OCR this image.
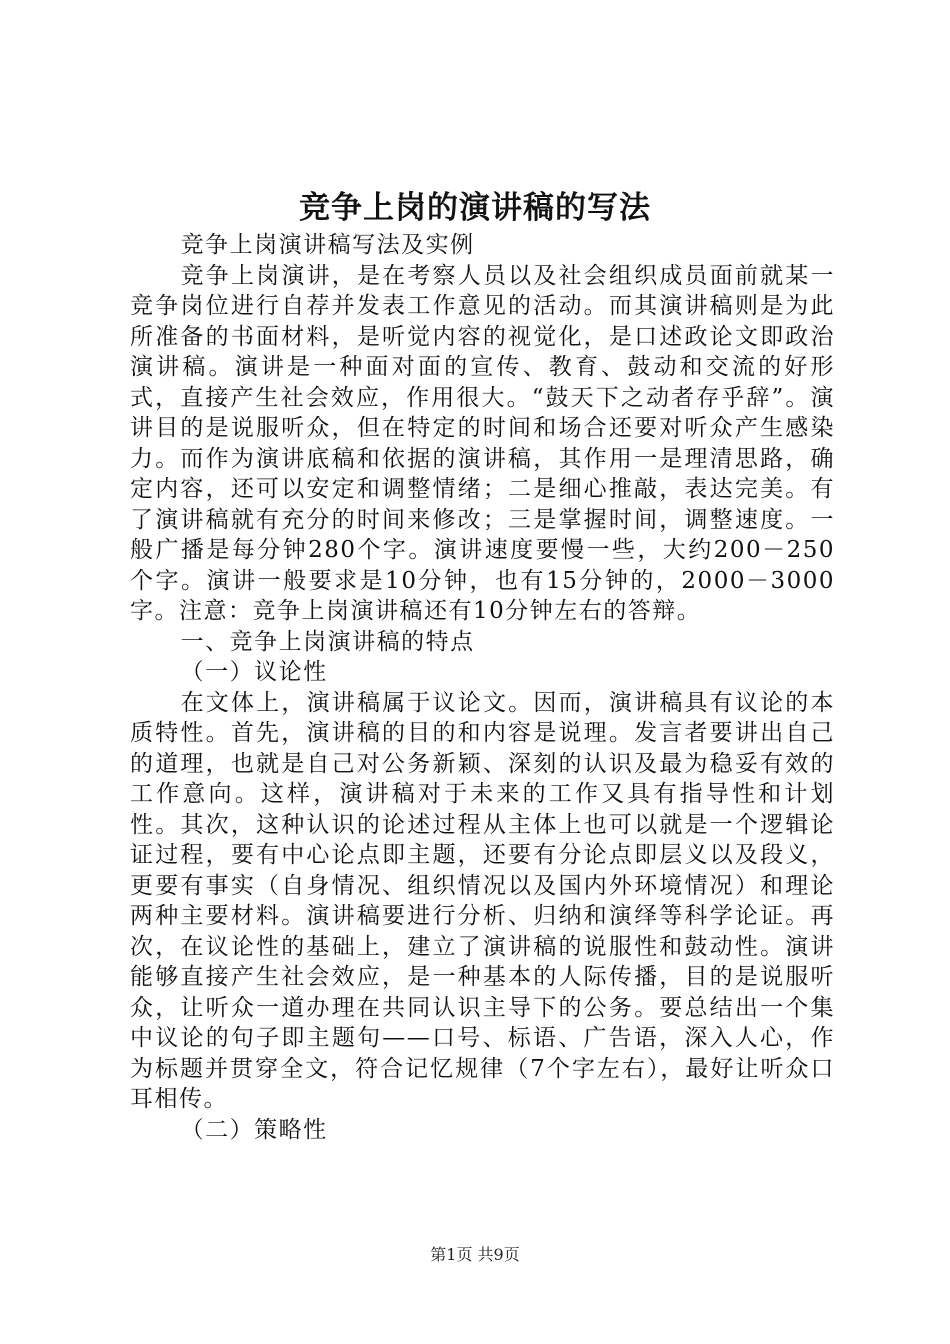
竞争上岗的演讲稿的写法

竞争上岗演讲稿写法及实例

竞争上岗演讲，是在考察人员以及社会组织成员面前就某一竞争岗位进行自荐并发表工作意见的活动。而其演讲稿则是为此所准备的书面材料，是听觉内容的视觉化，是口述政论文即政治演讲稿。演讲是一种面对面的宣传、教育、鼓动和交流的好形式，直接产生社会效应，作用很大。“鼓天下之动者存乎辞”。演讲目的是说服听众，但在特定的时间和场合还要对听众产生感染力。而作为演讲底稿和依据的演讲稿，其作用一是理清思路，确定内容，还可以安定和调整情绪；二是细心推敲，表达完美。有了演讲稿就有充分的时间来修改；三是掌握时间，调整速度。一般广播是每分钟280个字。演讲速度要慢一些，大约200－250个字。演讲一般要求是10分钟，也有15分钟的，2000－3000字。注意：竞争上岗演讲稿还有10分钟左右的答辩。

一、竞争上岗演讲稿的特点

（一）议论性

在文体上，演讲稿属于议论文。因而，演讲稿具有议论的本质特性。首先，演讲稿的目的和内容是说理。发言者要讲出自己的道理，也就是自己对公务新颖、深刻的认识及最为稳妥有效的工作意向。这样，演讲稿对于未来的工作又具有指导性和计划性。其次，这种认识的论述过程从主体上也可以就是一个逻辑论证过程，要有中心论点即主题，还要有分论点即层义以及段义，更要有事实（自身情况、组织情况以及国内外环境情况）和理论两种主要材料。演讲稿要进行分析、归纳和演绎等科学论证。再次，在议论性的基础上，建立了演讲稿的说服性和鼓动性。演讲能够直接产生社会效应，是一种基本的人际传播，目的是说服听众，让听众一道办理在共同认识主导下的公务。要总结出一个集中议论的句子即主题句——口号、标语、广告语，深入人心，作为标题并贯穿全文，符合记忆规律（7个字左右），最好让听众口耳相传。

（二）策略性

第1页 共9页
